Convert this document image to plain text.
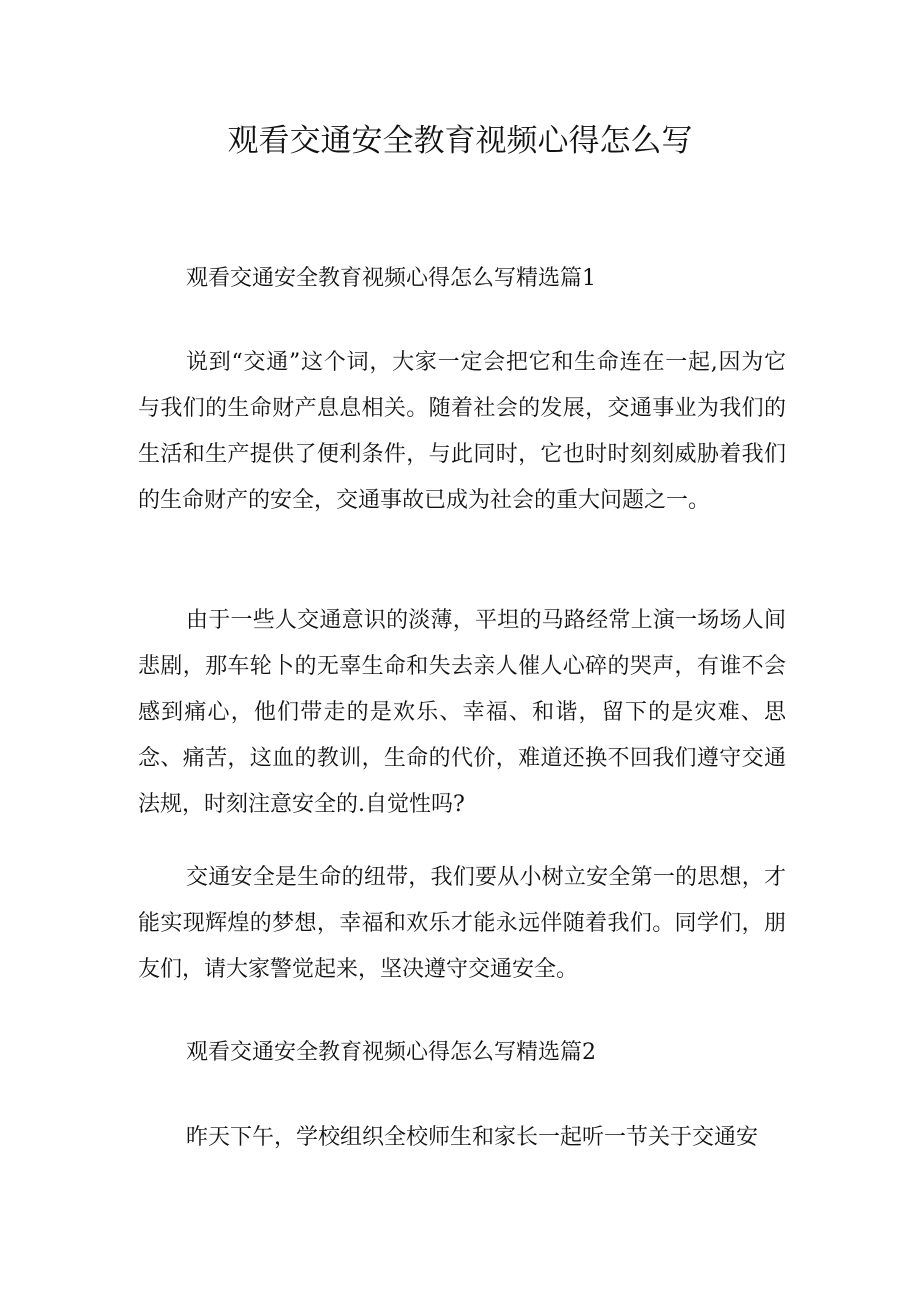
观看交通安全教育视频心得怎么写
观看交通安全教育视频心得怎么写精选篇1

说到“交通”这个词，大家一定会把它和生命连在一起,因为它与我们的生命财产息息相关。随着社会的发展，交通事业为我们的生活和生产提供了便利条件，与此同时，它也时时刻刻威胁着我们的生命财产的安全，交通事故已成为社会的重大问题之一。

由于一些人交通意识的淡薄，平坦的马路经常上演一场场人间悲剧，那车轮卜的无辜生命和失去亲人催人心碎的哭声，有谁不会感到痛心，他们带走的是欢乐、幸福、和谐，留下的是灾难、思念、痛苦，这血的教训，生命的代价，难道还换不回我们遵守交通法规，时刻注意安全的.自觉性吗?

交通安全是生命的纽带，我们要从小树立安全第一的思想，才能实现辉煌的梦想，幸福和欢乐才能永远伴随着我们。同学们，朋友们，请大家警觉起来，坚决遵守交通安全。

观看交通安全教育视频心得怎么写精选篇2

昨天下午，学校组织全校师生和家长一起听一节关于交通安
